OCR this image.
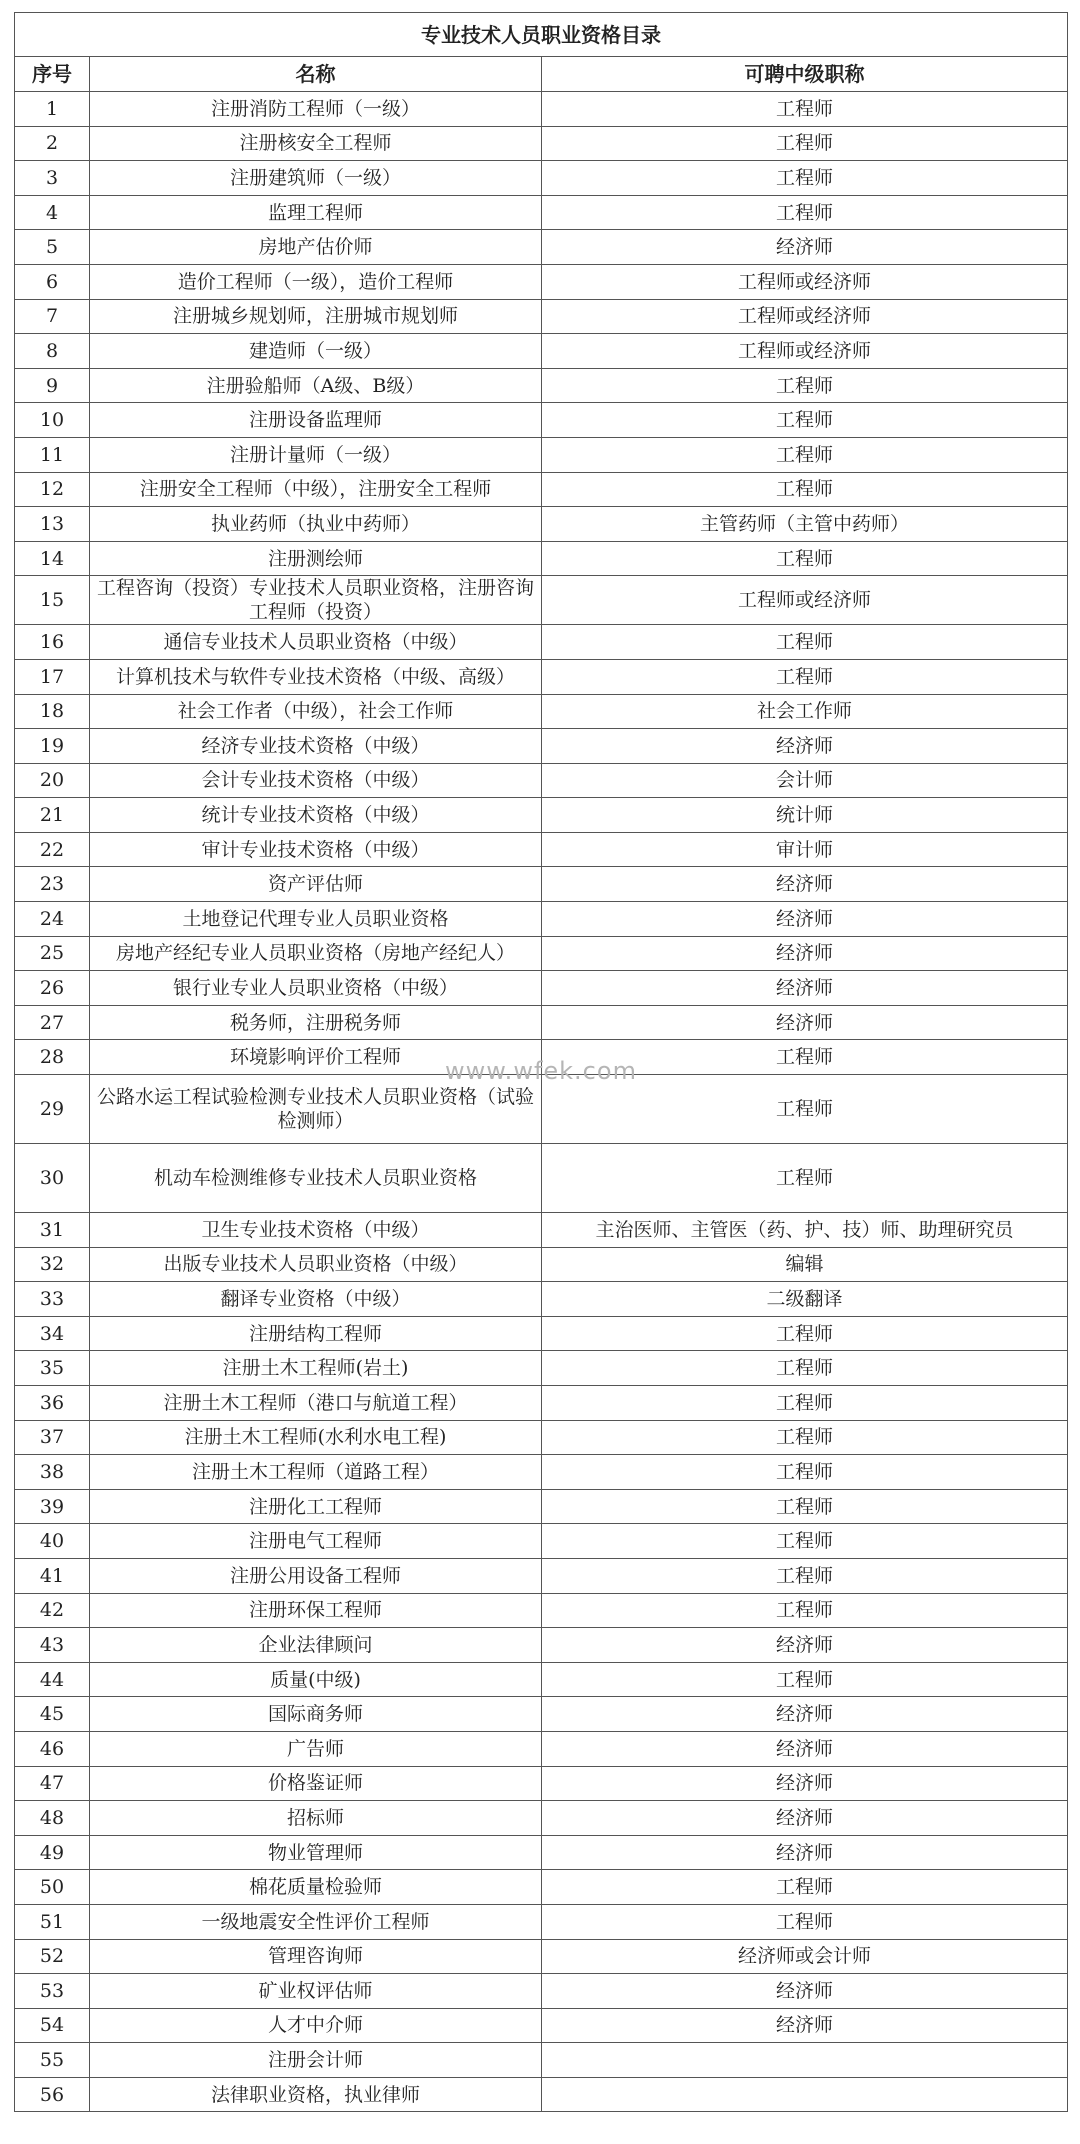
专业技术人员职业资格目录		
序号	名称	可聘中级职称
1	注册消防工程师（一级）	工程师
2	注册核安全工程师	工程师
3	注册建筑师（一级）	工程师
4	监理工程师	工程师
5	房地产估价师	经济师
6	造价工程师（一级），造价工程师	工程师或经济师
7	注册城乡规划师，注册城市规划师	工程师或经济师
8	建造师（一级）	工程师或经济师
9	注册验船师（A级、B级）	工程师
10	注册设备监理师	工程师
11	注册计量师（一级）	工程师
12	注册安全工程师（中级），注册安全工程师	工程师
13	执业药师（执业中药师）	主管药师（主管中药师）
14	注册测绘师	工程师
15	工程咨询（投资）专业技术人员职业资格，注册咨询工程师（投资）	工程师或经济师
16	通信专业技术人员职业资格（中级）	工程师
17	计算机技术与软件专业技术资格（中级、高级）	工程师
18	社会工作者（中级），社会工作师	社会工作师
19	经济专业技术资格（中级）	经济师
20	会计专业技术资格（中级）	会计师
21	统计专业技术资格（中级）	统计师
22	审计专业技术资格（中级）	审计师
23	资产评估师	经济师
24	土地登记代理专业人员职业资格	经济师
25	房地产经纪专业人员职业资格（房地产经纪人）	经济师
26	银行业专业人员职业资格（中级）	经济师
27	税务师，注册税务师	经济师
28	环境影响评价工程师	工程师
29	公路水运工程试验检测专业技术人员职业资格（试验检测师）	工程师
30	机动车检测维修专业技术人员职业资格	工程师
31	卫生专业技术资格（中级）	主治医师、主管医（药、护、技）师、助理研究员
32	出版专业技术人员职业资格（中级）	编辑
33	翻译专业资格（中级）	二级翻译
34	注册结构工程师	工程师
35	注册土木工程师(岩土)	工程师
36	注册土木工程师（港口与航道工程）	工程师
37	注册土木工程师(水利水电工程)	工程师
38	注册土木工程师（道路工程）	工程师
39	注册化工工程师	工程师
40	注册电气工程师	工程师
41	注册公用设备工程师	工程师
42	注册环保工程师	工程师
43	企业法律顾问	经济师
44	质量(中级)	工程师
45	国际商务师	经济师
46	广告师	经济师
47	价格鉴证师	经济师
48	招标师	经济师
49	物业管理师	经济师
50	棉花质量检验师	工程师
51	一级地震安全性评价工程师	工程师
52	管理咨询师	经济师或会计师
53	矿业权评估师	经济师
54	人才中介师	经济师
55	注册会计师	
56	法律职业资格，执业律师	
www.wfek.com
